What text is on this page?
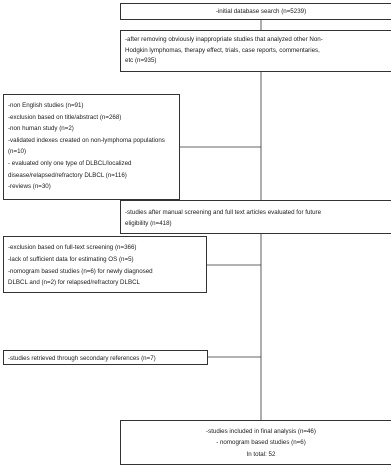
-initial database search (n=5239)
-after removing obviously inappropriate studies that analyzed other Non-
Hodgkin lymphomas, therapy effect, trials, case reports, commentaries,
etc (n=935)
-non English studies (n=91)
-exclusion based on title/abstract (n=268)
-non human study (n=2)
-validated indexes created on non-lymphoma populations
(n=10)
- evaluated only one type of DLBCL/localized
disease/relapsed/refractory DLBCL (n=116)
-reviews (n=30)
-studies after manual screening and full text articles evaluated for future
eligibility (n=418)
-exclusion based on full-text screening (n=366)
-lack of sufficient data for estimating OS (n=5)
-nomogram based studies (n=6) for newly diagnosed
DLBCL and (n=2) for relapsed/refractory DLBCL
-studies retrieved through secondary references (n=7)
-studies included in final analysis (n=46)
- nomogram based studies (n=6)
In total: 52
